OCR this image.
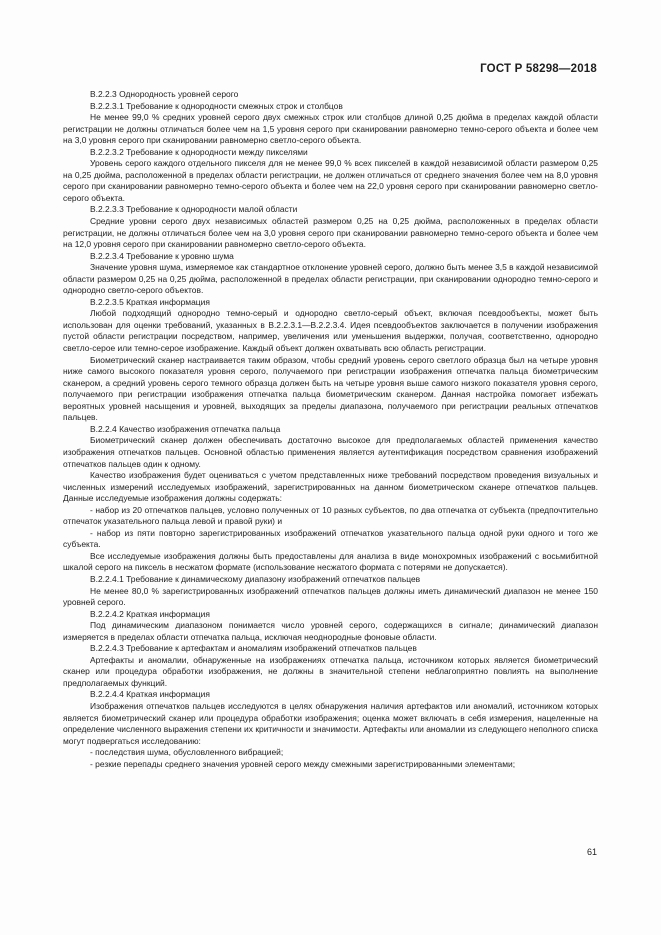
ГОСТ Р 58298—2018

B.2.2.3 Однородность уровней серого

B.2.2.3.1 Требование к однородности смежных строк и столбцов

Не менее 99,0 % средних уровней серого двух смежных строк или столбцов длиной 0,25 дюйма в пределах каждой области регистрации не должны отличаться более чем на 1,5 уровня серого при сканировании равномерно темно-серого объекта и более чем на 3,0 уровня серого при сканировании равномерно светло-серого объекта.

B.2.2.3.2 Требование к однородности между пикселями

Уровень серого каждого отдельного пикселя для не менее 99,0 % всех пикселей в каждой независимой области размером 0,25 на 0,25 дюйма, расположенной в пределах области регистрации, не должен отличаться от среднего значения более чем на 8,0 уровня серого при сканировании равномерно темно-серого объекта и более чем на 22,0 уровня серого при сканировании равномерно светло-серого объекта.

B.2.2.3.3 Требование к однородности малой области

Средние уровни серого двух независимых областей размером 0,25 на 0,25 дюйма, расположенных в пределах области регистрации, не должны отличаться более чем на 3,0 уровня серого при сканировании равномерно темно-серого объекта и более чем на 12,0 уровня серого при сканировании равномерно светло-серого объекта.

B.2.2.3.4 Требование к уровню шума

Значение уровня шума, измеряемое как стандартное отклонение уровней серого, должно быть менее 3,5 в каждой независимой области размером 0,25 на 0,25 дюйма, расположенной в пределах области регистрации, при сканировании однородно темно-серого и однородно светло-серого объектов.

B.2.2.3.5 Краткая информация

Любой подходящий однородно темно-серый и однородно светло-серый объект, включая псевдообъекты, может быть использован для оценки требований, указанных в B.2.2.3.1—B.2.2.3.4. Идея псевдообъектов заключается в получении изображения пустой области регистрации посредством, например, увеличения или уменьшения выдержки, получая, соответственно, однородно светло-серое или темно-серое изображение. Каждый объект должен охватывать всю область регистрации.

Биометрический сканер настраивается таким образом, чтобы средний уровень серого светлого образца был на четыре уровня ниже самого высокого показателя уровня серого, получаемого при регистрации изображения отпечатка пальца биометрическим сканером, а средний уровень серого темного образца должен быть на четыре уровня выше самого низкого показателя уровня серого, получаемого при регистрации изображения отпечатка пальца биометрическим сканером. Данная настройка помогает избежать вероятных уровней насыщения и уровней, выходящих за пределы диапазона, получаемого при регистрации реальных отпечатков пальцев.

B.2.2.4 Качество изображения отпечатка пальца

Биометрический сканер должен обеспечивать достаточно высокое для предполагаемых областей применения качество изображения отпечатков пальцев. Основной областью применения является аутентификация посредством сравнения изображений отпечатков пальцев один к одному.

Качество изображения будет оцениваться с учетом представленных ниже требований посредством проведения визуальных и численных измерений исследуемых изображений, зарегистрированных на данном биометрическом сканере отпечатков пальцев. Данные исследуемые изображения должны содержать:

- набор из 20 отпечатков пальцев, условно полученных от 10 разных субъектов, по два отпечатка от субъекта (предпочтительно отпечаток указательного пальца левой и правой руки) и

- набор из пяти повторно зарегистрированных изображений отпечатков указательного пальца одной руки одного и того же субъекта.

Все исследуемые изображения должны быть предоставлены для анализа в виде монохромных изображений с восьмибитной шкалой серого на пиксель в несжатом формате (использование несжатого формата с потерями не допускается).

B.2.2.4.1 Требование к динамическому диапазону изображений отпечатков пальцев

Не менее 80,0 % зарегистрированных изображений отпечатков пальцев должны иметь динамический диапазон не менее 150 уровней серого.

B.2.2.4.2 Краткая информация

Под динамическим диапазоном понимается число уровней серого, содержащихся в сигнале; динамический диапазон измеряется в пределах области отпечатка пальца, исключая неоднородные фоновые области.

B.2.2.4.3 Требование к артефактам и аномалиям изображений отпечатков пальцев

Артефакты и аномалии, обнаруженные на изображениях отпечатка пальца, источником которых является биометрический сканер или процедура обработки изображения, не должны в значительной степени неблагоприятно повлиять на выполнение предполагаемых функций.

B.2.2.4.4 Краткая информация

Изображения отпечатков пальцев исследуются в целях обнаружения наличия артефактов или аномалий, источником которых является биометрический сканер или процедура обработки изображения; оценка может включать в себя измерения, нацеленные на определение численного выражения степени их критичности и значимости. Артефакты или аномалии из следующего неполного списка могут подвергаться исследованию:

- последствия шума, обусловленного вибрацией;

- резкие перепады среднего значения уровней серого между смежными зарегистрированными элементами;

61
